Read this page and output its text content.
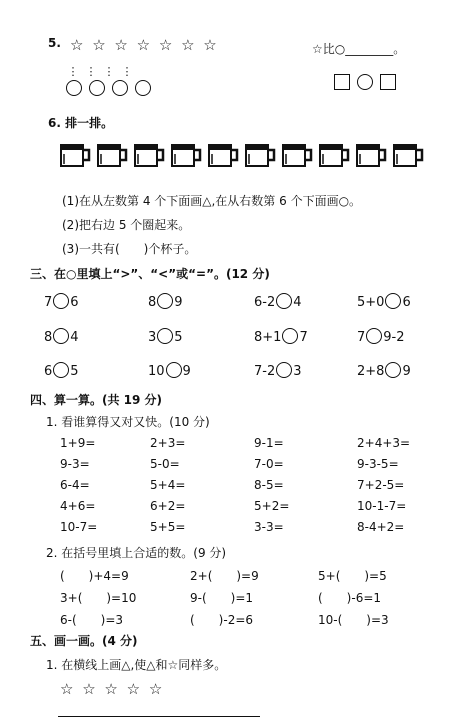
5. ☆ ☆ ☆ ☆ ☆ ☆ ☆
⋮ ⋮ ⋮ ⋮

☆比○________。

6. 排一排。
(1)在从左数第 4 个下面画△,在从右数第 6 个下面画○。
(2)把右边 5 个圈起来。
(3)一共有(　　)个杯子。
三、在○里填上“>”、“<”或“=”。(12 分)
7 6	8 9	6-2 4	5+0 6
8 4	3 5	8+1 7	7 9-2
6 5	10 9	7-2 3	2+8 9
四、算一算。(共 19 分)
1. 看谁算得又对又快。(10 分)
1+9=	2+3=	9-1=	2+4+3=
9-3=	5-0=	7-0=	9-3-5=
6-4=	5+4=	8-5=	7+2-5=
4+6=	6+2=	5+2=	10-1-7=
10-7=	5+5=	3-3=	8-4+2=
2. 在括号里填上合适的数。(9 分)
(　　)+4=9	2+(　　)=9	5+(　　)=5
3+(　　)=10	9-(　　)=1	(　　)-6=1
6-(　　)=3	(　　)-2=6	10-(　　)=3
五、画一画。(4 分)
1. 在横线上画△,使△和☆同样多。
☆ ☆ ☆ ☆ ☆
